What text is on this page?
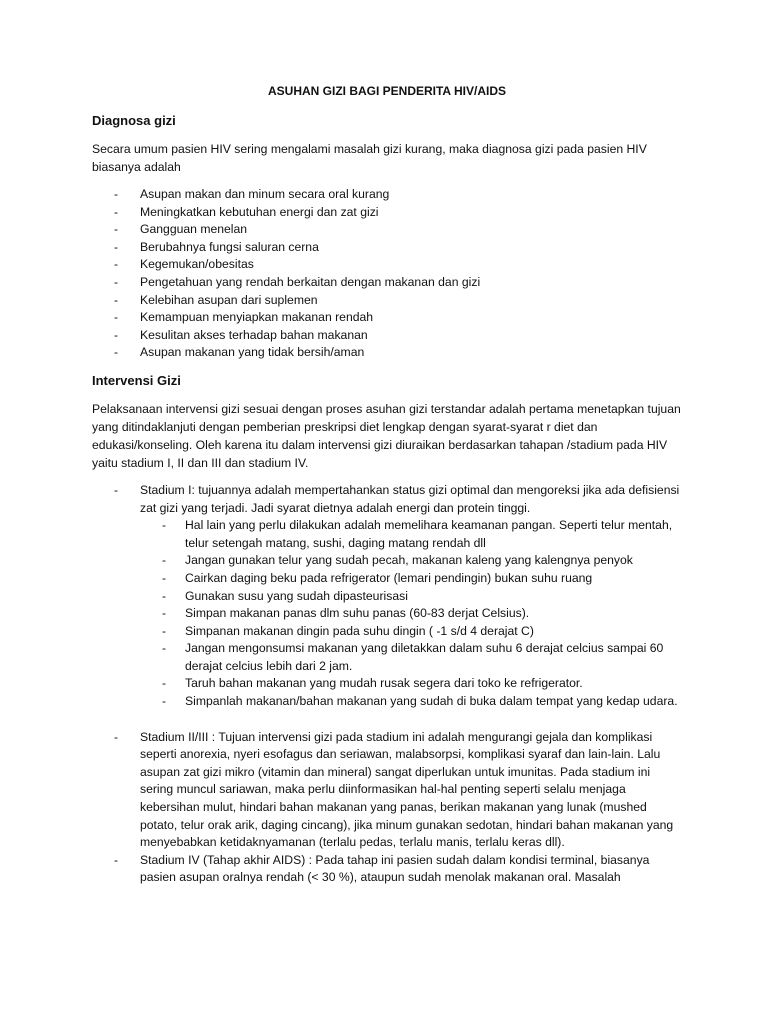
ASUHAN GIZI BAGI PENDERITA HIV/AIDS
Diagnosa gizi

Secara umum pasien HIV sering mengalami masalah gizi kurang, maka diagnosa gizi pada pasien HIV biasanya adalah

- Asupan makan dan minum secara oral kurang
- Meningkatkan kebutuhan energi dan zat gizi
- Gangguan menelan
- Berubahnya fungsi saluran cerna
- Kegemukan/obesitas
- Pengetahuan yang rendah berkaitan dengan makanan dan gizi
- Kelebihan asupan dari suplemen
- Kemampuan menyiapkan makanan rendah
- Kesulitan akses terhadap bahan makanan
- Asupan makanan yang tidak bersih/aman
Intervensi Gizi

Pelaksanaan intervensi gizi sesuai dengan proses asuhan gizi terstandar adalah pertama menetapkan tujuan yang ditindaklanjuti dengan pemberian preskripsi diet lengkap dengan syarat-syarat r diet dan edukasi/konseling. Oleh karena itu dalam intervensi gizi diuraikan berdasarkan tahapan /stadium pada HIV yaitu stadium I, II dan III dan stadium IV.

- Stadium I: tujuannya adalah mempertahankan status gizi optimal dan mengoreksi jika ada defisiensi zat gizi yang terjadi. Jadi syarat dietnya adalah energi dan protein tinggi.
- Hal lain yang perlu dilakukan adalah memelihara keamanan pangan. Seperti telur mentah, telur setengah matang, sushi, daging matang rendah dll
- Jangan gunakan telur yang sudah pecah, makanan kaleng yang kalengnya penyok
- Cairkan daging beku pada refrigerator (lemari pendingin) bukan suhu ruang
- Gunakan susu yang sudah dipasteurisasi
- Simpan makanan panas dlm suhu panas (60-83 derjat Celsius).
- Simpanan makanan dingin pada suhu dingin ( -1 s/d 4 derajat C)
- Jangan mengonsumsi makanan yang diletakkan dalam suhu 6 derajat celcius sampai 60 derajat celcius lebih dari 2 jam.
- Taruh bahan makanan yang mudah rusak segera dari toko ke refrigerator.
- Simpanlah makanan/bahan makanan yang sudah di buka dalam tempat yang kedap udara.
- Stadium II/III : Tujuan intervensi gizi pada stadium ini adalah mengurangi gejala dan komplikasi seperti anorexia, nyeri esofagus dan seriawan, malabsorpsi, komplikasi syaraf dan lain-lain. Lalu asupan zat gizi mikro (vitamin dan mineral) sangat diperlukan untuk imunitas. Pada stadium ini sering muncul sariawan, maka perlu diinformasikan hal-hal penting seperti selalu menjaga kebersihan mulut, hindari bahan makanan yang panas, berikan makanan yang lunak (mushed potato, telur orak arik, daging cincang), jika minum gunakan sedotan, hindari bahan makanan yang menyebabkan ketidaknyamanan (terlalu pedas, terlalu manis, terlalu keras dll).
- Stadium IV (Tahap akhir AIDS) : Pada tahap ini pasien sudah dalam kondisi terminal, biasanya pasien asupan oralnya rendah (< 30 %), ataupun sudah menolak makanan oral. Masalah
